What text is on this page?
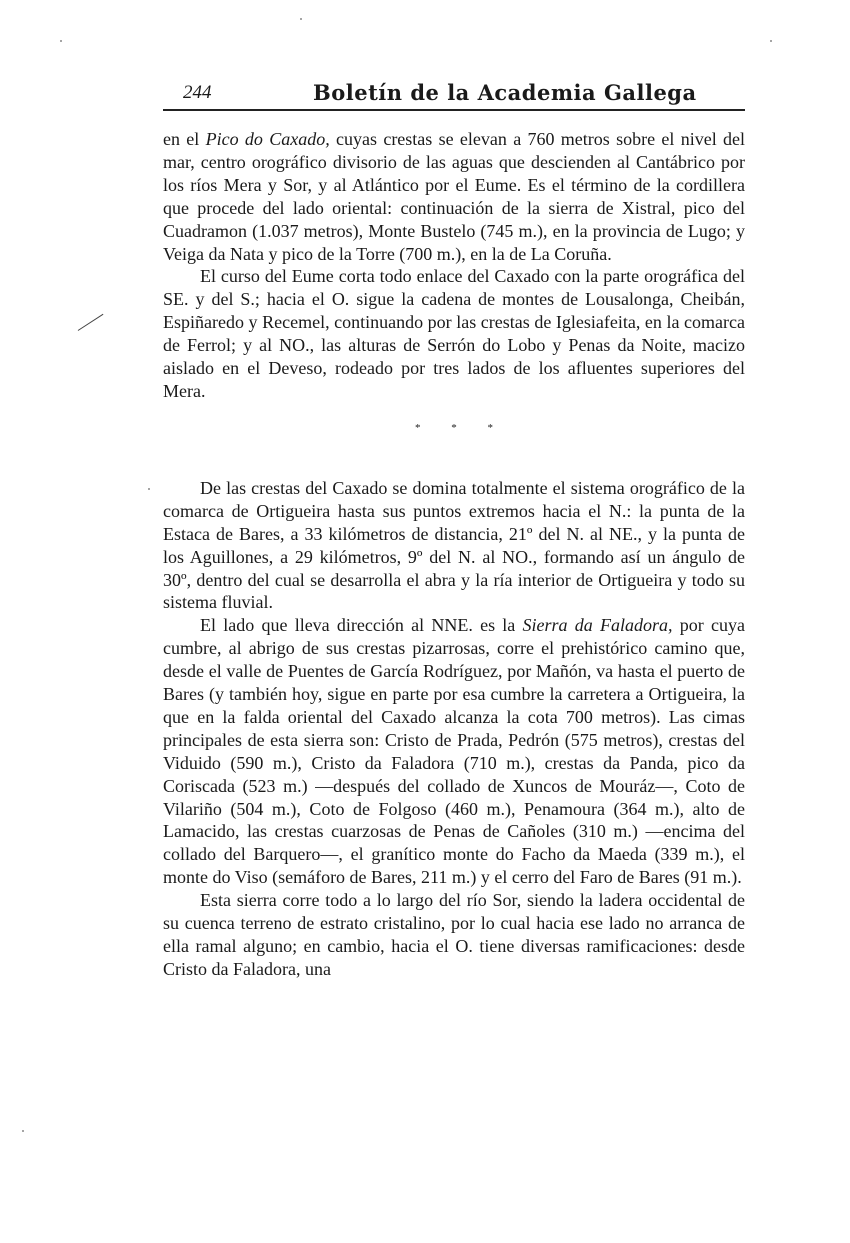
244	Boletín de la Academia Gallega

en el Pico do Caxado, cuyas crestas se elevan a 760 metros sobre el nivel del mar, centro orográfico divisorio de las aguas que descienden al Cantábrico por los ríos Mera y Sor, y al Atlántico por el Eume. Es el término de la cordillera que procede del lado oriental: continuación de la sierra de Xistral, pico del Cuadramon (1.037 metros), Monte Bustelo (745 m.), en la provincia de Lugo; y Veiga da Nata y pico de la Torre (700 m.), en la de La Coruña.

El curso del Eume corta todo enlace del Caxado con la parte orográfica del SE. y del S.; hacia el O. sigue la cadena de montes de Lousalonga, Cheibán, Espiñaredo y Recemel, continuando por las crestas de Iglesiafeita, en la comarca de Ferrol; y al NO., las alturas de Serrón do Lobo y Penas da Noite, macizo aislado en el Deveso, rodeado por tres lados de los afluentes superiores del Mera.

* * *

De las crestas del Caxado se domina totalmente el sistema orográfico de la comarca de Ortigueira hasta sus puntos extremos hacia el N.: la punta de la Estaca de Bares, a 33 kilómetros de distancia, 21º del N. al NE., y la punta de los Aguillones, a 29 kilómetros, 9º del N. al NO., formando así un ángulo de 30º, dentro del cual se desarrolla el abra y la ría interior de Ortigueira y todo su sistema fluvial.

El lado que lleva dirección al NNE. es la Sierra da Faladora, por cuya cumbre, al abrigo de sus crestas pizarrosas, corre el prehistórico camino que, desde el valle de Puentes de García Rodríguez, por Mañón, va hasta el puerto de Bares (y también hoy, sigue en parte por esa cumbre la carretera a Ortigueira, la que en la falda oriental del Caxado alcanza la cota 700 metros). Las cimas principales de esta sierra son: Cristo de Prada, Pedrón (575 metros), crestas del Viduido (590 m.), Cristo da Faladora (710 m.), crestas da Panda, pico da Coriscada (523 m.) —después del collado de Xuncos de Mouráz—, Coto de Vilariño (504 m.), Coto de Folgoso (460 m.), Penamoura (364 m.), alto de Lamacido, las crestas cuarzosas de Penas de Cañoles (310 m.) —encima del collado del Barquero—, el granítico monte do Facho da Maeda (339 m.), el monte do Viso (semáforo de Bares, 211 m.) y el cerro del Faro de Bares (91 m.).

Esta sierra corre todo a lo largo del río Sor, siendo la ladera occidental de su cuenca terreno de estrato cristalino, por lo cual hacia ese lado no arranca de ella ramal alguno; en cambio, hacia el O. tiene diversas ramificaciones: desde Cristo da Faladora, una
